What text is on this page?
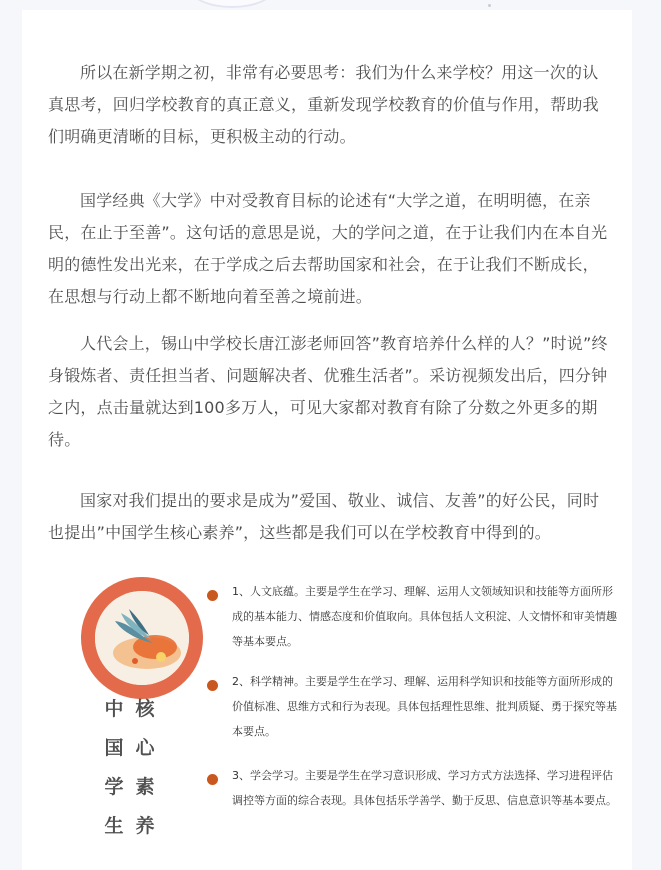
所以在新学期之初，非常有必要思考：我们为什么来学校？用这一次的认真思考，回归学校教育的真正意义，重新发现学校教育的价值与作用，帮助我们明确更清晰的目标，更积极主动的行动。

国学经典《大学》中对受教育目标的论述有“大学之道，在明明德，在亲民，在止于至善”。这句话的意思是说，大的学问之道，在于让我们内在本自光明的德性发出光来，在于学成之后去帮助国家和社会，在于让我们不断成长，在思想与行动上都不断地向着至善之境前进。

人代会上，锡山中学校长唐江澎老师回答”教育培养什么样的人？”时说”终身锻炼者、责任担当者、问题解决者、优雅生活者”。采访视频发出后，四分钟之内，点击量就达到100多万人，可见大家都对教育有除了分数之外更多的期待。

国家对我们提出的要求是成为”爱国、敬业、诚信、友善”的好公民，同时也提出”中国学生核心素养”，这些都是我们可以在学校教育中得到的。

中
国
学
生
核
心
素
养

1、人文底蕴。主要是学生在学习、理解、运用人文领域知识和技能等方面所形成的基本能力、情感态度和价值取向。具体包括人文积淀、人文情怀和审美情趣等基本要点。

2、科学精神。主要是学生在学习、理解、运用科学知识和技能等方面所形成的价值标准、思维方式和行为表现。具体包括理性思维、批判质疑、勇于探究等基本要点。

3、学会学习。主要是学生在学习意识形成、学习方式方法选择、学习进程评估调控等方面的综合表现。具体包括乐学善学、勤于反思、信息意识等基本要点。
